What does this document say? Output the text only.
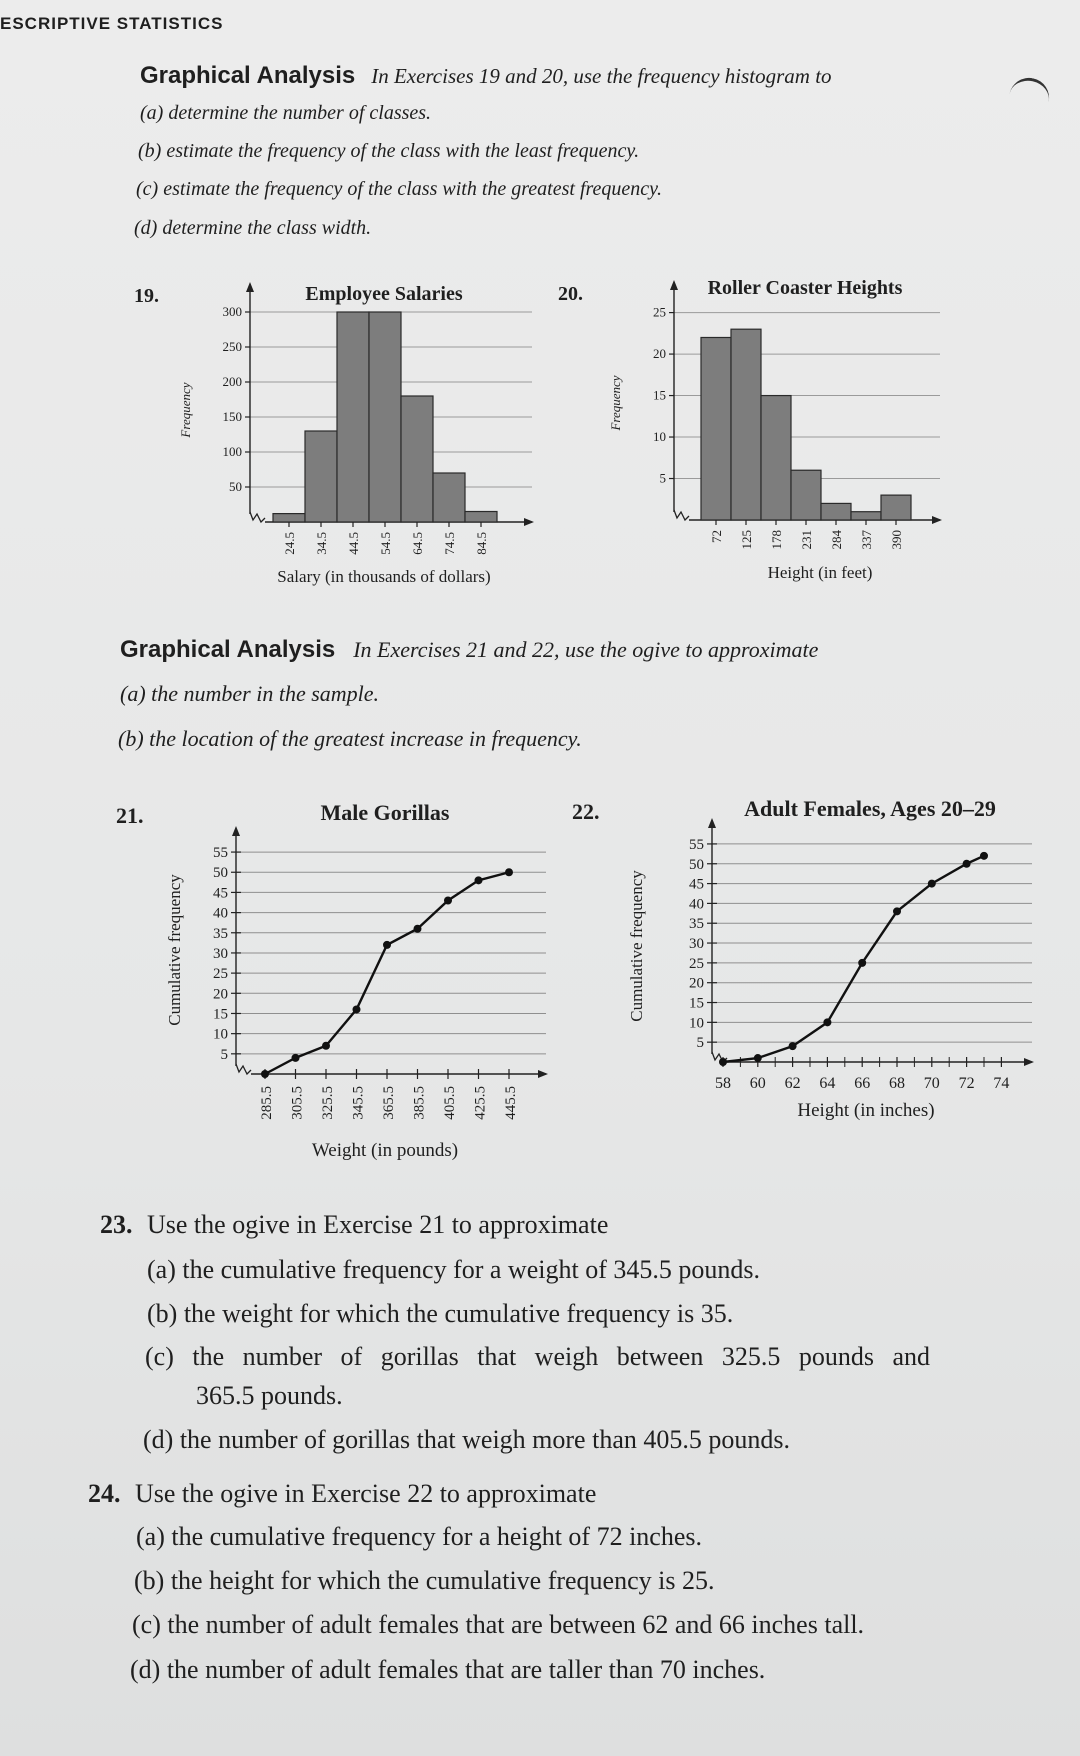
ESCRIPTIVE STATISTICS
Graphical Analysis In Exercises 19 and 20, use the frequency histogram to
(a) determine the number of classes.
(b) estimate the frequency of the class with the least frequency.
(c) estimate the frequency of the class with the greatest frequency.
(d) determine the class width.
19.	20.
Employee Salaries
50
100
150
200
250
300
24.5 34.5 44.5 54.5 64.5 74.5 84.5
Frequency
Salary (in thousands of dollars)
Roller Coaster Heights
5
10
15
20
25
72 125 178 231 284 337 390
Frequency
Height (in feet)
Graphical Analysis In Exercises 21 and 22, use the ogive to approximate
(a) the number in the sample.
(b) the location of the greatest increase in frequency.
21.	22.
Male Gorillas
5
10
15
20
25
30
35
40
45
50
55
285.5 305.5 325.5 345.5 365.5 385.5 405.5 425.5 445.5
Cumulative frequency
Weight (in pounds)
Adult Females, Ages 20–29
5
10
15
20
25
30
35
40
45
50
55
58 60 62 64 66 68 70 72 74
Cumulative frequency
Height (in inches)
23. Use the ogive in Exercise 21 to approximate
(a) the cumulative frequency for a weight of 345.5 pounds.
(b) the weight for which the cumulative frequency is 35.
(c) the number of gorillas that weigh between 325.5 pounds and
365.5 pounds.
(d) the number of gorillas that weigh more than 405.5 pounds.
24. Use the ogive in Exercise 22 to approximate
(a) the cumulative frequency for a height of 72 inches.
(b) the height for which the cumulative frequency is 25.
(c) the number of adult females that are between 62 and 66 inches tall.
(d) the number of adult females that are taller than 70 inches.
